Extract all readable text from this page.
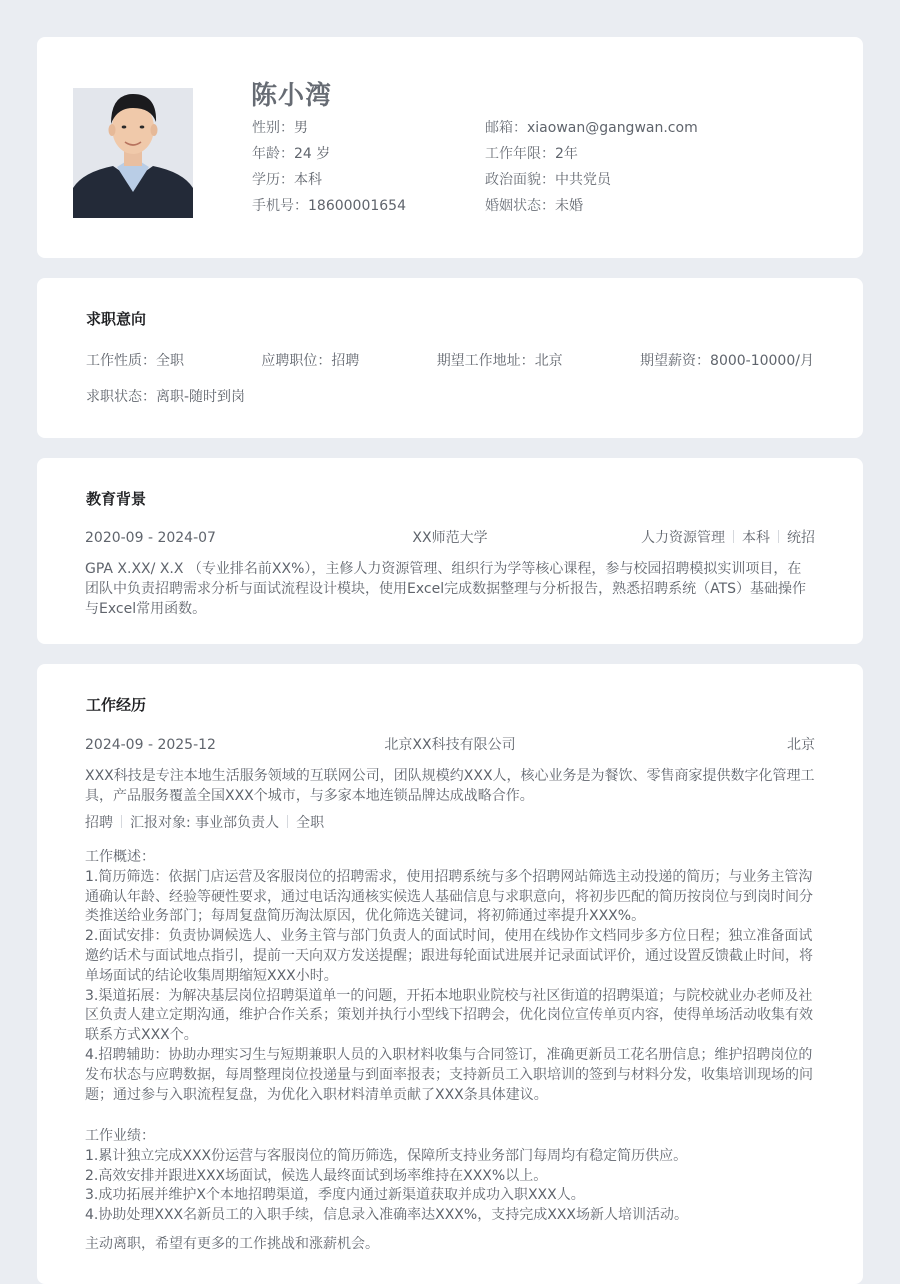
陈小湾
性别：男	邮箱：xiaowan@gangwan.com
年龄：24 岁	工作年限：2年
学历：本科	政治面貌：中共党员
手机号：18600001654	婚姻状态：未婚
求职意向
工作性质：全职	应聘职位：招聘	期望工作地址：北京	期望薪资：8000-10000/月
求职状态：离职-随时到岗
教育背景
2020-09 - 2024-07	XX师范大学	人力资源管理 本科 统招
GPA X.XX/ X.X （专业排名前XX%），主修人力资源管理、组织行为学等核心课程，参与校园招聘模拟实训项目，在
团队中负责招聘需求分析与面试流程设计模块，使用Excel完成数据整理与分析报告，熟悉招聘系统（ATS）基础操作
与Excel常用函数。
工作经历
2024-09 - 2025-12	北京XX科技有限公司	北京
XXX科技是专注本地生活服务领域的互联网公司，团队规模约XXX人，核心业务是为餐饮、零售商家提供数字化管理工
具，产品服务覆盖全国XXX个城市，与多家本地连锁品牌达成战略合作。
招聘 汇报对象: 事业部负责人 全职
工作概述：
1.简历筛选：依据门店运营及客服岗位的招聘需求，使用招聘系统与多个招聘网站筛选主动投递的简历；与业务主管沟
通确认年龄、经验等硬性要求，通过电话沟通核实候选人基础信息与求职意向，将初步匹配的简历按岗位与到岗时间分
类推送给业务部门；每周复盘简历淘汰原因，优化筛选关键词，将初筛通过率提升XXX%。
2.面试安排：负责协调候选人、业务主管与部门负责人的面试时间，使用在线协作文档同步多方位日程；独立准备面试
邀约话术与面试地点指引，提前一天向双方发送提醒；跟进每轮面试进展并记录面试评价，通过设置反馈截止时间，将
单场面试的结论收集周期缩短XXX小时。
3.渠道拓展：为解决基层岗位招聘渠道单一的问题，开拓本地职业院校与社区街道的招聘渠道；与院校就业办老师及社
区负责人建立定期沟通，维护合作关系；策划并执行小型线下招聘会，优化岗位宣传单页内容，使得单场活动收集有效
联系方式XXX个。
4.招聘辅助：协助办理实习生与短期兼职人员的入职材料收集与合同签订，准确更新员工花名册信息；维护招聘岗位的
发布状态与应聘数据，每周整理岗位投递量与到面率报表；支持新员工入职培训的签到与材料分发，收集培训现场的问
题；通过参与入职流程复盘，为优化入职材料清单贡献了XXX条具体建议。
工作业绩：
1.累计独立完成XXX份运营与客服岗位的简历筛选，保障所支持业务部门每周均有稳定简历供应。
2.高效安排并跟进XXX场面试，候选人最终面试到场率维持在XXX%以上。
3.成功拓展并维护X个本地招聘渠道，季度内通过新渠道获取并成功入职XXX人。
4.协助处理XXX名新员工的入职手续，信息录入准确率达XXX%，支持完成XXX场新人培训活动。
主动离职，希望有更多的工作挑战和涨薪机会。
